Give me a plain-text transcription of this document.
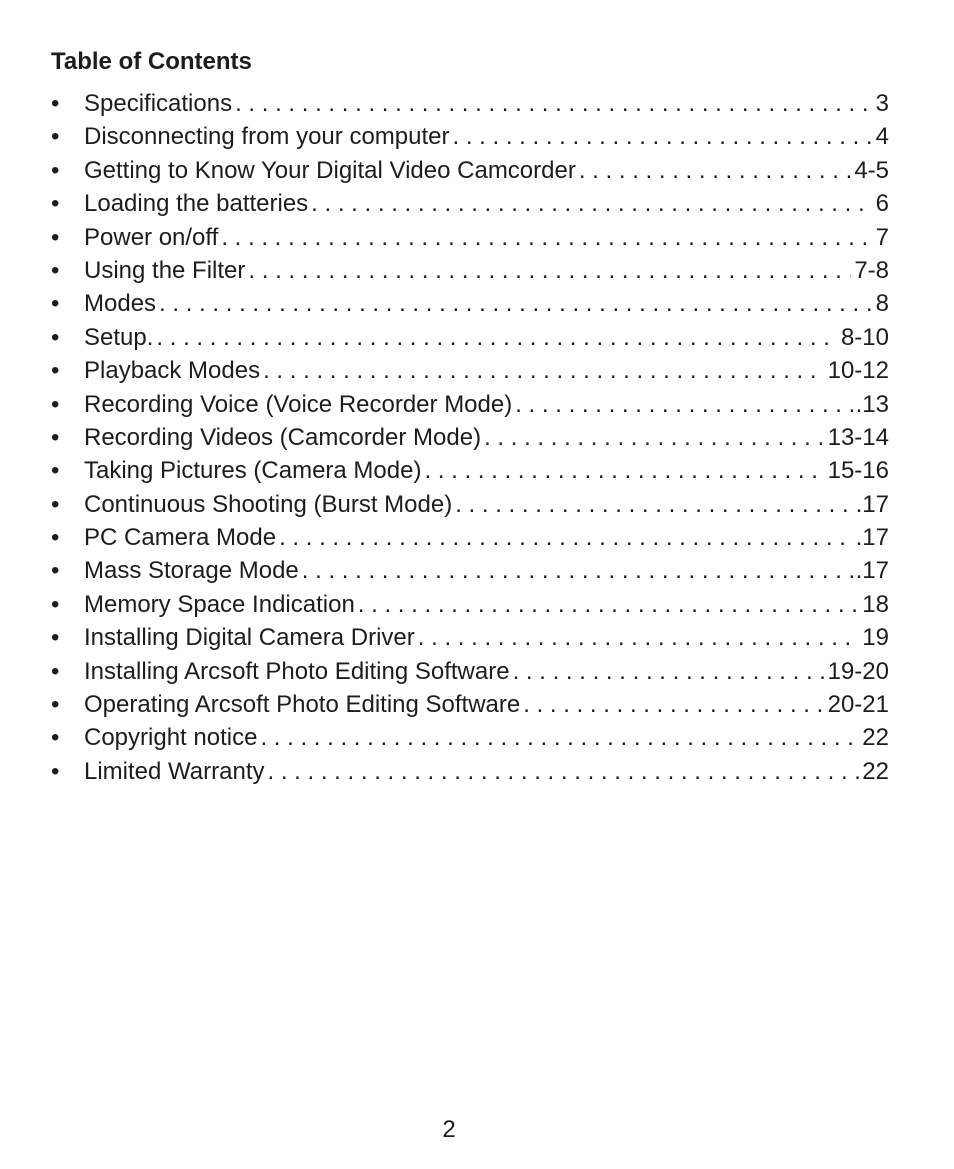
Table of Contents
•	Specifications . . .	3
•	Disconnecting from your computer . . .	4
•	Getting to Know Your Digital Video Camcorder . . .	4-5
•	Loading the batteries . . .	6
•	Power on/off . . .	7
•	Using the Filter . . .	7-8
•	Modes . . .	8
•	Setup. . . .	8-10
•	Playback Modes . . .	10-12
•	Recording Voice (Voice Recorder Mode) . . .	.13
•	Recording Videos (Camcorder Mode) . . .	13-14
•	Taking Pictures (Camera Mode) . . .	15-16
•	Continuous Shooting (Burst Mode) . . .	.17
•	PC Camera Mode . . .	.17
•	Mass Storage Mode . . .	.17
•	Memory Space Indication . . .	18
•	Installing Digital Camera Driver . . .	19
•	Installing Arcsoft Photo Editing Software . . .	19-20
•	Operating Arcsoft Photo Editing Software . . .	20-21
•	Copyright notice . . .	22
•	Limited Warranty . . .	22
2
